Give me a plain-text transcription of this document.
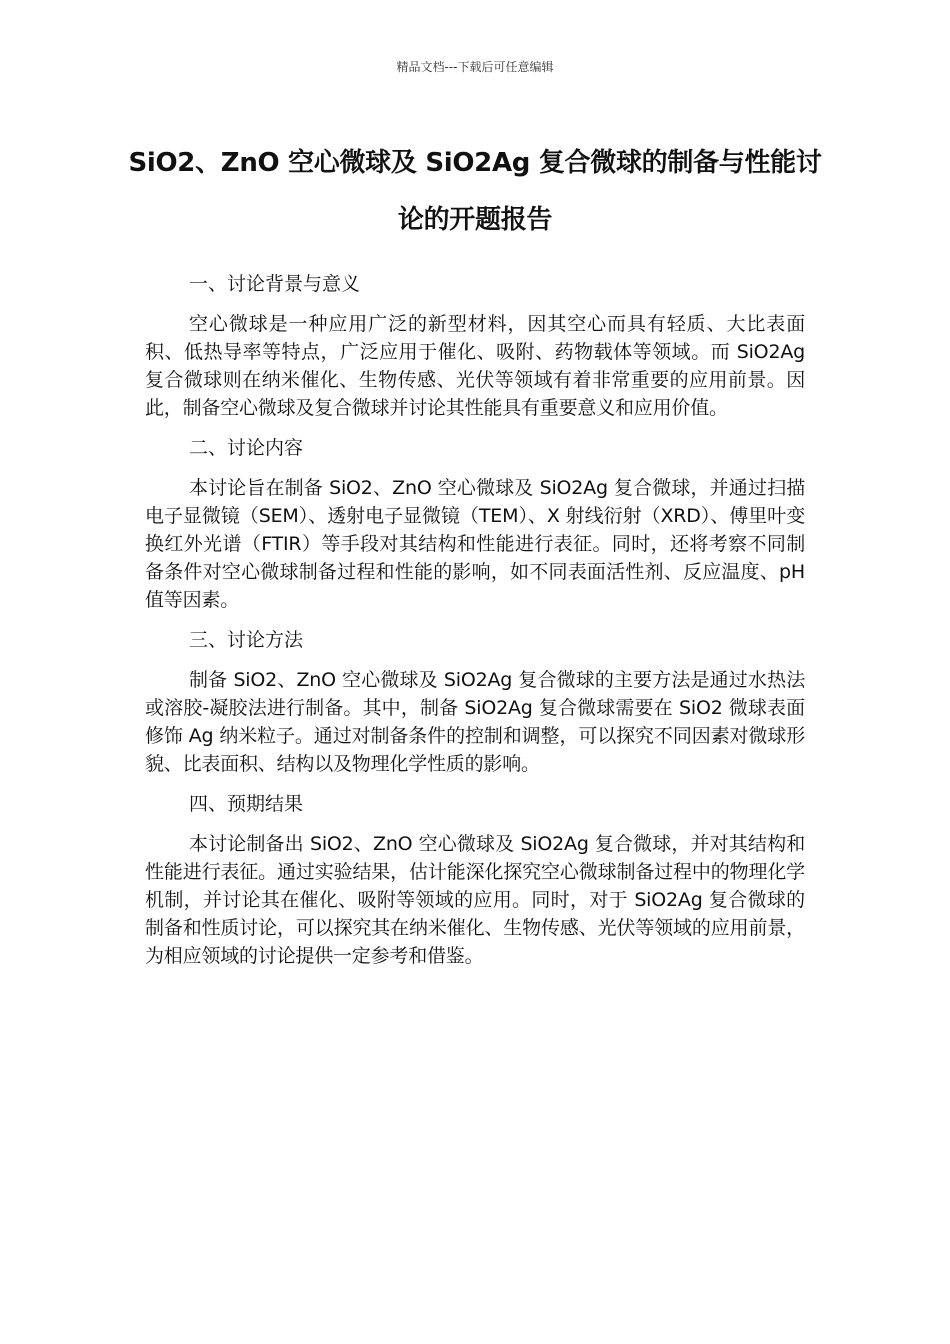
精品文档---下载后可任意编辑
SiO2、ZnO 空心微球及 SiO2Ag 复合微球的制备与性能讨论的开题报告

一、讨论背景与意义

空心微球是一种应用广泛的新型材料，因其空心而具有轻质、大比表面积、低热导率等特点，广泛应用于催化、吸附、药物载体等领域。而 SiO2Ag 复合微球则在纳米催化、生物传感、光伏等领域有着非常重要的应用前景。因此，制备空心微球及复合微球并讨论其性能具有重要意义和应用价值。

二、讨论内容

本讨论旨在制备 SiO2、ZnO 空心微球及 SiO2Ag 复合微球，并通过扫描电子显微镜（SEM）、透射电子显微镜（TEM）、X 射线衍射（XRD）、傅里叶变换红外光谱（FTIR）等手段对其结构和性能进行表征。同时，还将考察不同制备条件对空心微球制备过程和性能的影响，如不同表面活性剂、反应温度、pH 值等因素。

三、讨论方法

制备 SiO2、ZnO 空心微球及 SiO2Ag 复合微球的主要方法是通过水热法或溶胶-凝胶法进行制备。其中，制备 SiO2Ag 复合微球需要在 SiO2 微球表面修饰 Ag 纳米粒子。通过对制备条件的控制和调整，可以探究不同因素对微球形貌、比表面积、结构以及物理化学性质的影响。

四、预期结果

本讨论制备出 SiO2、ZnO 空心微球及 SiO2Ag 复合微球，并对其结构和性能进行表征。通过实验结果，估计能深化探究空心微球制备过程中的物理化学机制，并讨论其在催化、吸附等领域的应用。同时，对于 SiO2Ag 复合微球的制备和性质讨论，可以探究其在纳米催化、生物传感、光伏等领域的应用前景，为相应领域的讨论提供一定参考和借鉴。
